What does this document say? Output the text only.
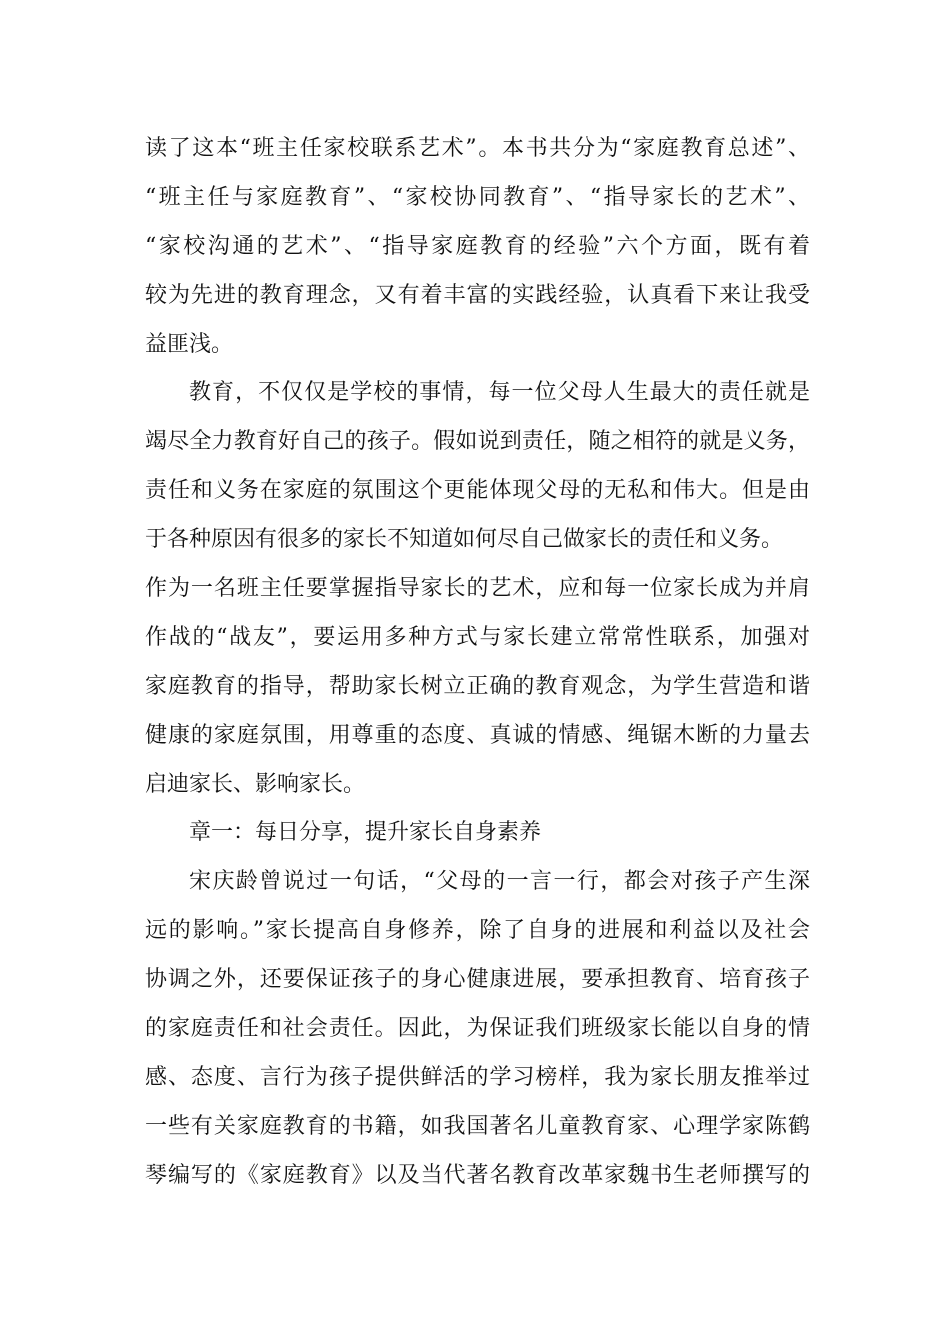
读了这本“班主任家校联系艺术”。本书共分为“家庭教育总述”、
“班主任与家庭教育”、“家校协同教育”、“指导家长的艺术”、
“家校沟通的艺术”、“指导家庭教育的经验”六个方面，既有着
较为先进的教育理念，又有着丰富的实践经验，认真看下来让我受
益匪浅。
教育，不仅仅是学校的事情，每一位父母人生最大的责任就是
竭尽全力教育好自己的孩子。假如说到责任，随之相符的就是义务，
责任和义务在家庭的氛围这个更能体现父母的无私和伟大。但是由
于各种原因有很多的家长不知道如何尽自己做家长的责任和义务。
作为一名班主任要掌握指导家长的艺术，应和每一位家长成为并肩
作战的“战友”，要运用多种方式与家长建立常常性联系，加强对
家庭教育的指导，帮助家长树立正确的教育观念，为学生营造和谐
健康的家庭氛围，用尊重的态度、真诚的情感、绳锯木断的力量去
启迪家长、影响家长。
章一：每日分享，提升家长自身素养
宋庆龄曾说过一句话，“父母的一言一行，都会对孩子产生深
远的影响。”家长提高自身修养，除了自身的进展和利益以及社会
协调之外，还要保证孩子的身心健康进展，要承担教育、培育孩子
的家庭责任和社会责任。因此，为保证我们班级家长能以自身的情
感、态度、言行为孩子提供鲜活的学习榜样，我为家长朋友推举过
一些有关家庭教育的书籍，如我国著名儿童教育家、心理学家陈鹤
琴编写的《家庭教育》以及当代著名教育改革家魏书生老师撰写的
